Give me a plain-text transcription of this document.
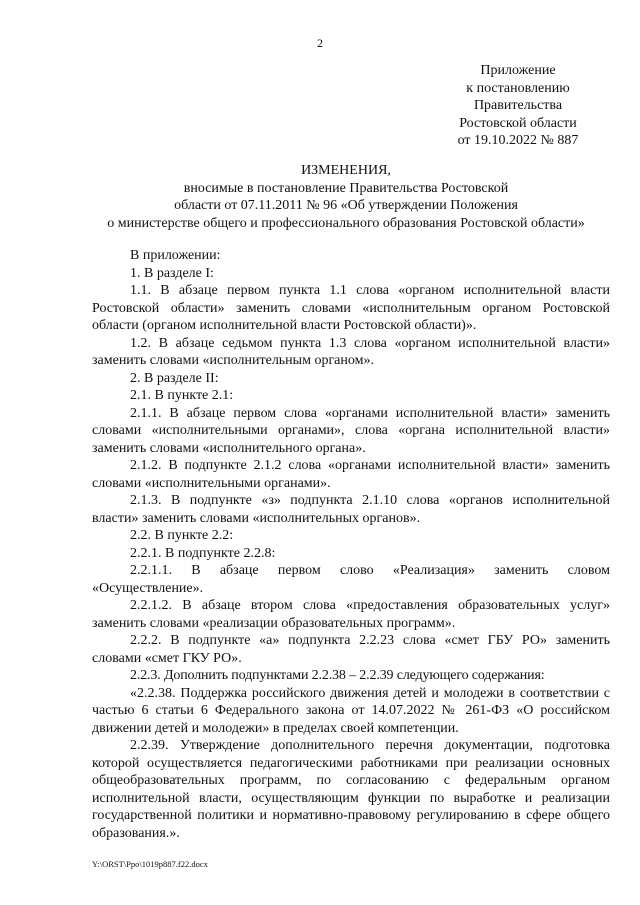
2
Приложение
к постановлению
Правительства
Ростовской области
от 19.10.2022 № 887
ИЗМЕНЕНИЯ,
вносимые в постановление Правительства Ростовской
области от 07.11.2011 № 96 «Об утверждении Положения
о министерстве общего и профессионального образования Ростовской области»

В приложении:

1. В разделе I:

1.1. В абзаце первом пункта 1.1 слова «органом исполнительной власти Ростовской области» заменить словами «исполнительным органом Ростовской области (органом исполнительной власти Ростовской области)».

1.2. В абзаце седьмом пункта 1.3 слова «органом исполнительной власти» заменить словами «исполнительным органом».

2. В разделе II:

2.1. В пункте 2.1:

2.1.1. В абзаце первом слова «органами исполнительной власти» заменить словами «исполнительными органами», слова «органа исполнительной власти» заменить словами «исполнительного органа».

2.1.2. В подпункте 2.1.2 слова «органами исполнительной власти» заменить словами «исполнительными органами».

2.1.3. В подпункте «з» подпункта 2.1.10 слова «органов исполнительной власти» заменить словами «исполнительных органов».

2.2. В пункте 2.2:

2.2.1. В подпункте 2.2.8:

2.2.1.1. В абзаце первом слово «Реализация» заменить словом «Осуществление».

2.2.1.2. В абзаце втором слова «предоставления образовательных услуг» заменить словами «реализации образовательных программ».

2.2.2. В подпункте «а» подпункта 2.2.23 слова «смет ГБУ РО» заменить словами «смет ГКУ РО».

2.2.3. Дополнить подпунктами 2.2.38 – 2.2.39 следующего содержания:

«2.2.38. Поддержка российского движения детей и молодежи в соответствии с частью 6 статьи 6 Федерального закона от 14.07.2022 № 261-ФЗ «О российском движении детей и молодежи» в пределах своей компетенции.

2.2.39. Утверждение дополнительного перечня документации, подготовка которой осуществляется педагогическими работниками при реализации основных общеобразовательных программ, по согласованию с федеральным органом исполнительной власти, осуществляющим функции по выработке и реализации государственной политики и нормативно-правовому регулированию в сфере общего образования.».

Y:\ORST\Ppo\1019p887.f22.docx
